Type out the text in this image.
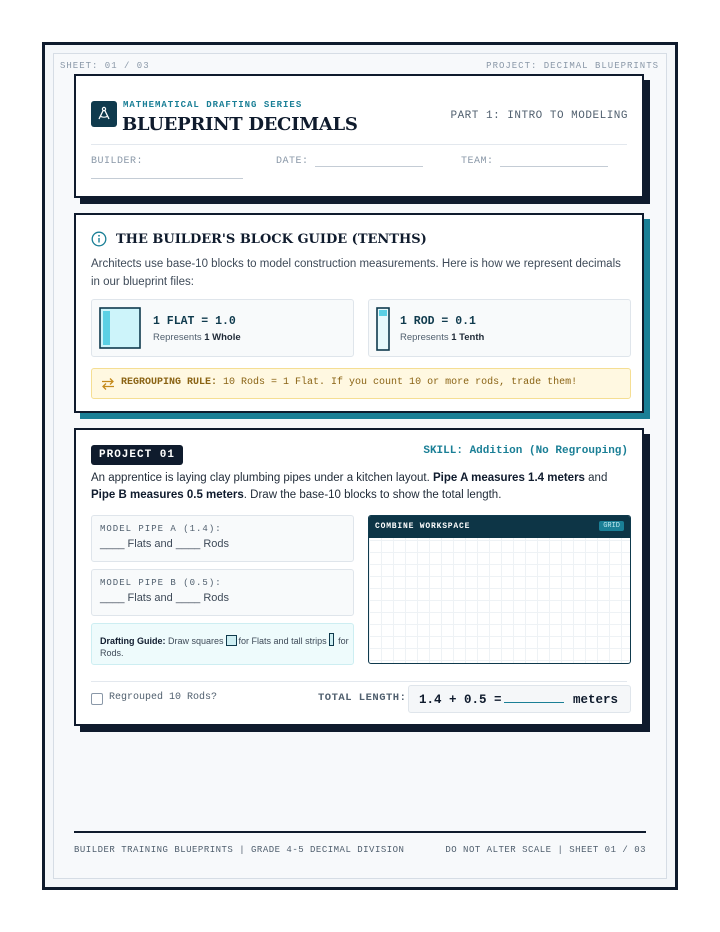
SHEET: 01 / 03	PROJECT: DECIMAL BLUEPRINTS
MATHEMATICAL DRAFTING SERIES
BLUEPRINT DECIMALS	PART 1: INTRO TO MODELING
BUILDER:	DATE:	TEAM:
THE BUILDER'S BLOCK GUIDE (TENTHS)
Architects use base-10 blocks to model construction measurements. Here is how we represent decimals in our blueprint files:
1 FLAT = 1.0
Represents 1 Whole
1 ROD = 0.1
Represents 1 Tenth
REGROUPING RULE: 10 Rods = 1 Flat. If you count 10 or more rods, trade them!
PROJECT 01	SKILL: Addition (No Regrouping)
An apprentice is laying clay plumbing pipes under a kitchen layout. Pipe A measures 1.4 meters and Pipe B measures 0.5 meters. Draw the base-10 blocks to show the total length.
MODEL PIPE A (1.4):
____ Flats and ____ Rods
MODEL PIPE B (0.5):
____ Flats and ____ Rods
Drafting Guide: Draw squares for Flats and tall strips for Rods.
COMBINE WORKSPACE	GRID
Regrouped 10 Rods?	TOTAL LENGTH: 1.4 + 0.5 =	meters
BUILDER TRAINING BLUEPRINTS | GRADE 4-5 DECIMAL DIVISION	DO NOT ALTER SCALE | SHEET 01 / 03
